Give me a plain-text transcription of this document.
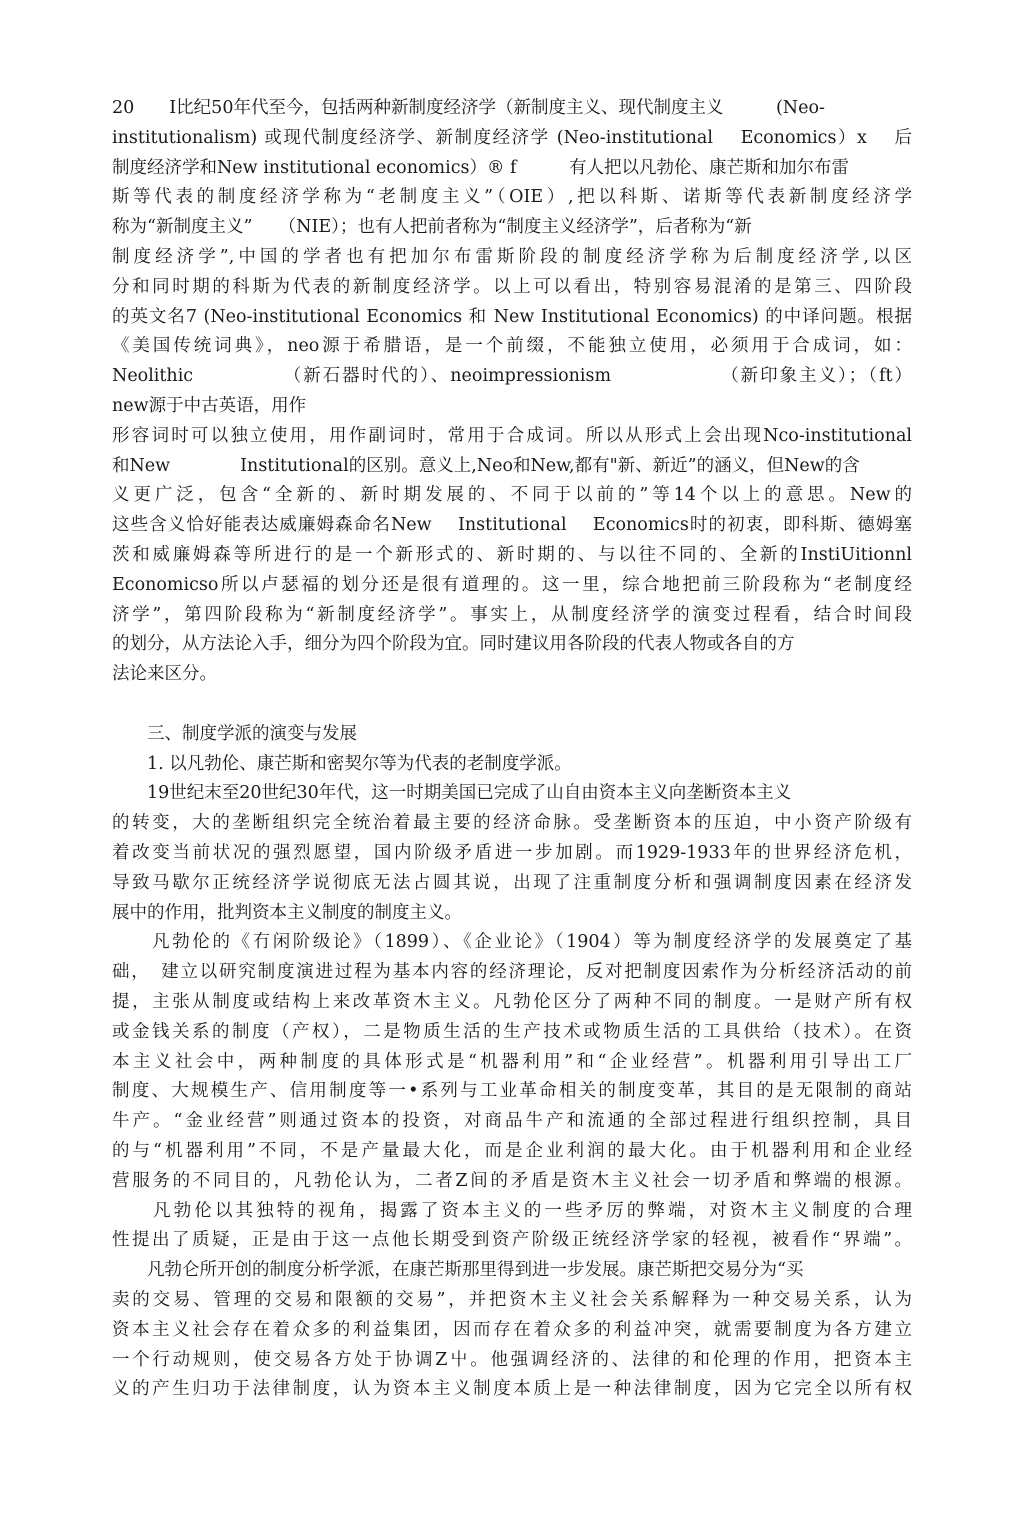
20　　I比纪50年代至今，包括两种新制度经济学（新制度主义、现代制度主义　　　(Neo-
institutionalism) 或现代制度经济学、新制度经济学 (Neo-institutional　 Economics）x　 后
制度经济学和New institutional economics）® f　　　有人把以凡勃伦、康芒斯和加尔布雷
斯等代表的制度经济学称为“老制度主义”（OIE）,把以科斯、诺斯等代表新制度经济学
称为“新制度主义”　　（NIE）；也有人把前者称为“制度主义经济学”，后者称为“新
制度经济学”,中国的学者也有把加尔布雷斯阶段的制度经济学称为后制度经济学,以区
分和同时期的科斯为代表的新制度经济学。以上可以看出，特别容易混淆的是第三、四阶段
的英文名7 (Neo-institutional Economics 和 New Institutional Economics) 的中译问题。根据
《美国传统词典》，neo源于希腊语，是一个前缀，不能独立使用，必须用于合成词，如：
Neolithic　　　　　（新石器时代的）、neoimpressionism　　　　　　（新印象主义）；（ft）
new源于中古英语，用作
形容词时可以独立使用，用作副词时，常用于合成词。所以从形式上会出现Nco-institutional
和New　　　　Institutional的区别。意义上,Neo和New,都有"新、新近”的涵义，但New的含
义更广泛，包含“全新的、新时期发展的、不同于以前的”等14个以上的意思。New的
这些含义恰好能表达威廉姆森命名New　 Institutional　 Economics时的初衷，即科斯、德姆塞
茨和威廉姆森等所进行的是一个新形式的、新时期的、与以往不同的、全新的InstiUitionnl
Economicso所以卢瑟福的划分还是很有道理的。这一里，综合地把前三阶段称为“老制度经
济学”，第四阶段称为“新制度经济学”。事实上，从制度经济学的演变过程看，结合时间段
的划分，从方法论入手，细分为四个阶段为宜。同时建议用各阶段的代表人物或各自的方
法论来区分。
　　三、制度学派的演变与发展
　　1. 以凡勃伦、康芒斯和密契尔等为代表的老制度学派。
　　19世纪末至20世纪30年代，这一时期美国已完成了山自由资本主义向垄断资本主义
的转变，大的垄断组织完全统治着最主要的经济命脉。受垄断资本的压迫，中小资产阶级有
着改变当前状况的强烈愿望，国内阶级矛盾进一步加剧。而1929-1933年的世界经济危机，
导致马歇尔正统经济学说彻底无法占圆其说，出现了注重制度分析和强调制度因素在经济发
展中的作用，批判资本主义制度的制度主义。
　　凡勃伦的《冇闲阶级论》（1899）、《企业论》（1904）等为制度经济学的发展奠定了基
础，　建立以研究制度演进过程为基本内容的经济理论，反对把制度因索作为分析经济活动的前
提，主张从制度或结构上来改革资木主义。凡勃伦区分了两种不同的制度。一是财产所有权
或金钱关系的制度（产权），二是物质生活的生产技术或物质生活的工具供给（技术）。在资
本主义社会中，两种制度的具体形式是“机器利用”和“企业经营”。机器利用引导出工厂
制度、大规模生产、信用制度等一•系列与工业革命相关的制度变革，其目的是无限制的商站
牛产。“金业经营”则通过资本的投资，对商品牛产和流通的全部过程进行组织控制，具目
的与“机器利用”不同，不是产量最大化，而是企业利润的最大化。由于机器利用和企业经
营服务的不同目的，凡勃伦认为，二者Z间的矛盾是资木主义社会一切矛盾和弊端的根源。
　　凡勃伦以其独特的视角，揭露了资本主义的一些矛厉的弊端，对资木主义制度的合理
性提出了质疑，正是由于这一点他长期受到资产阶级正统经济学家的轻视，被看作“界端”。
　　凡勃仑所开创的制度分析学派，在康芒斯那里得到进一步发展。康芒斯把交易分为“买
卖的交易、管理的交易和限额的交易”，并把资木主义社会关系解释为一种交易关系，认为
资本主义社会存在着众多的利益集团，因而存在着众多的利益冲突，就需要制度为各方建立
一个行动规则，使交易各方处于协调Z屮。他强调经济的、法律的和伦理的作用，把资本主
义的产生归功于法律制度，认为资本主义制度本质上是一种法律制度，因为它完全以所有权
